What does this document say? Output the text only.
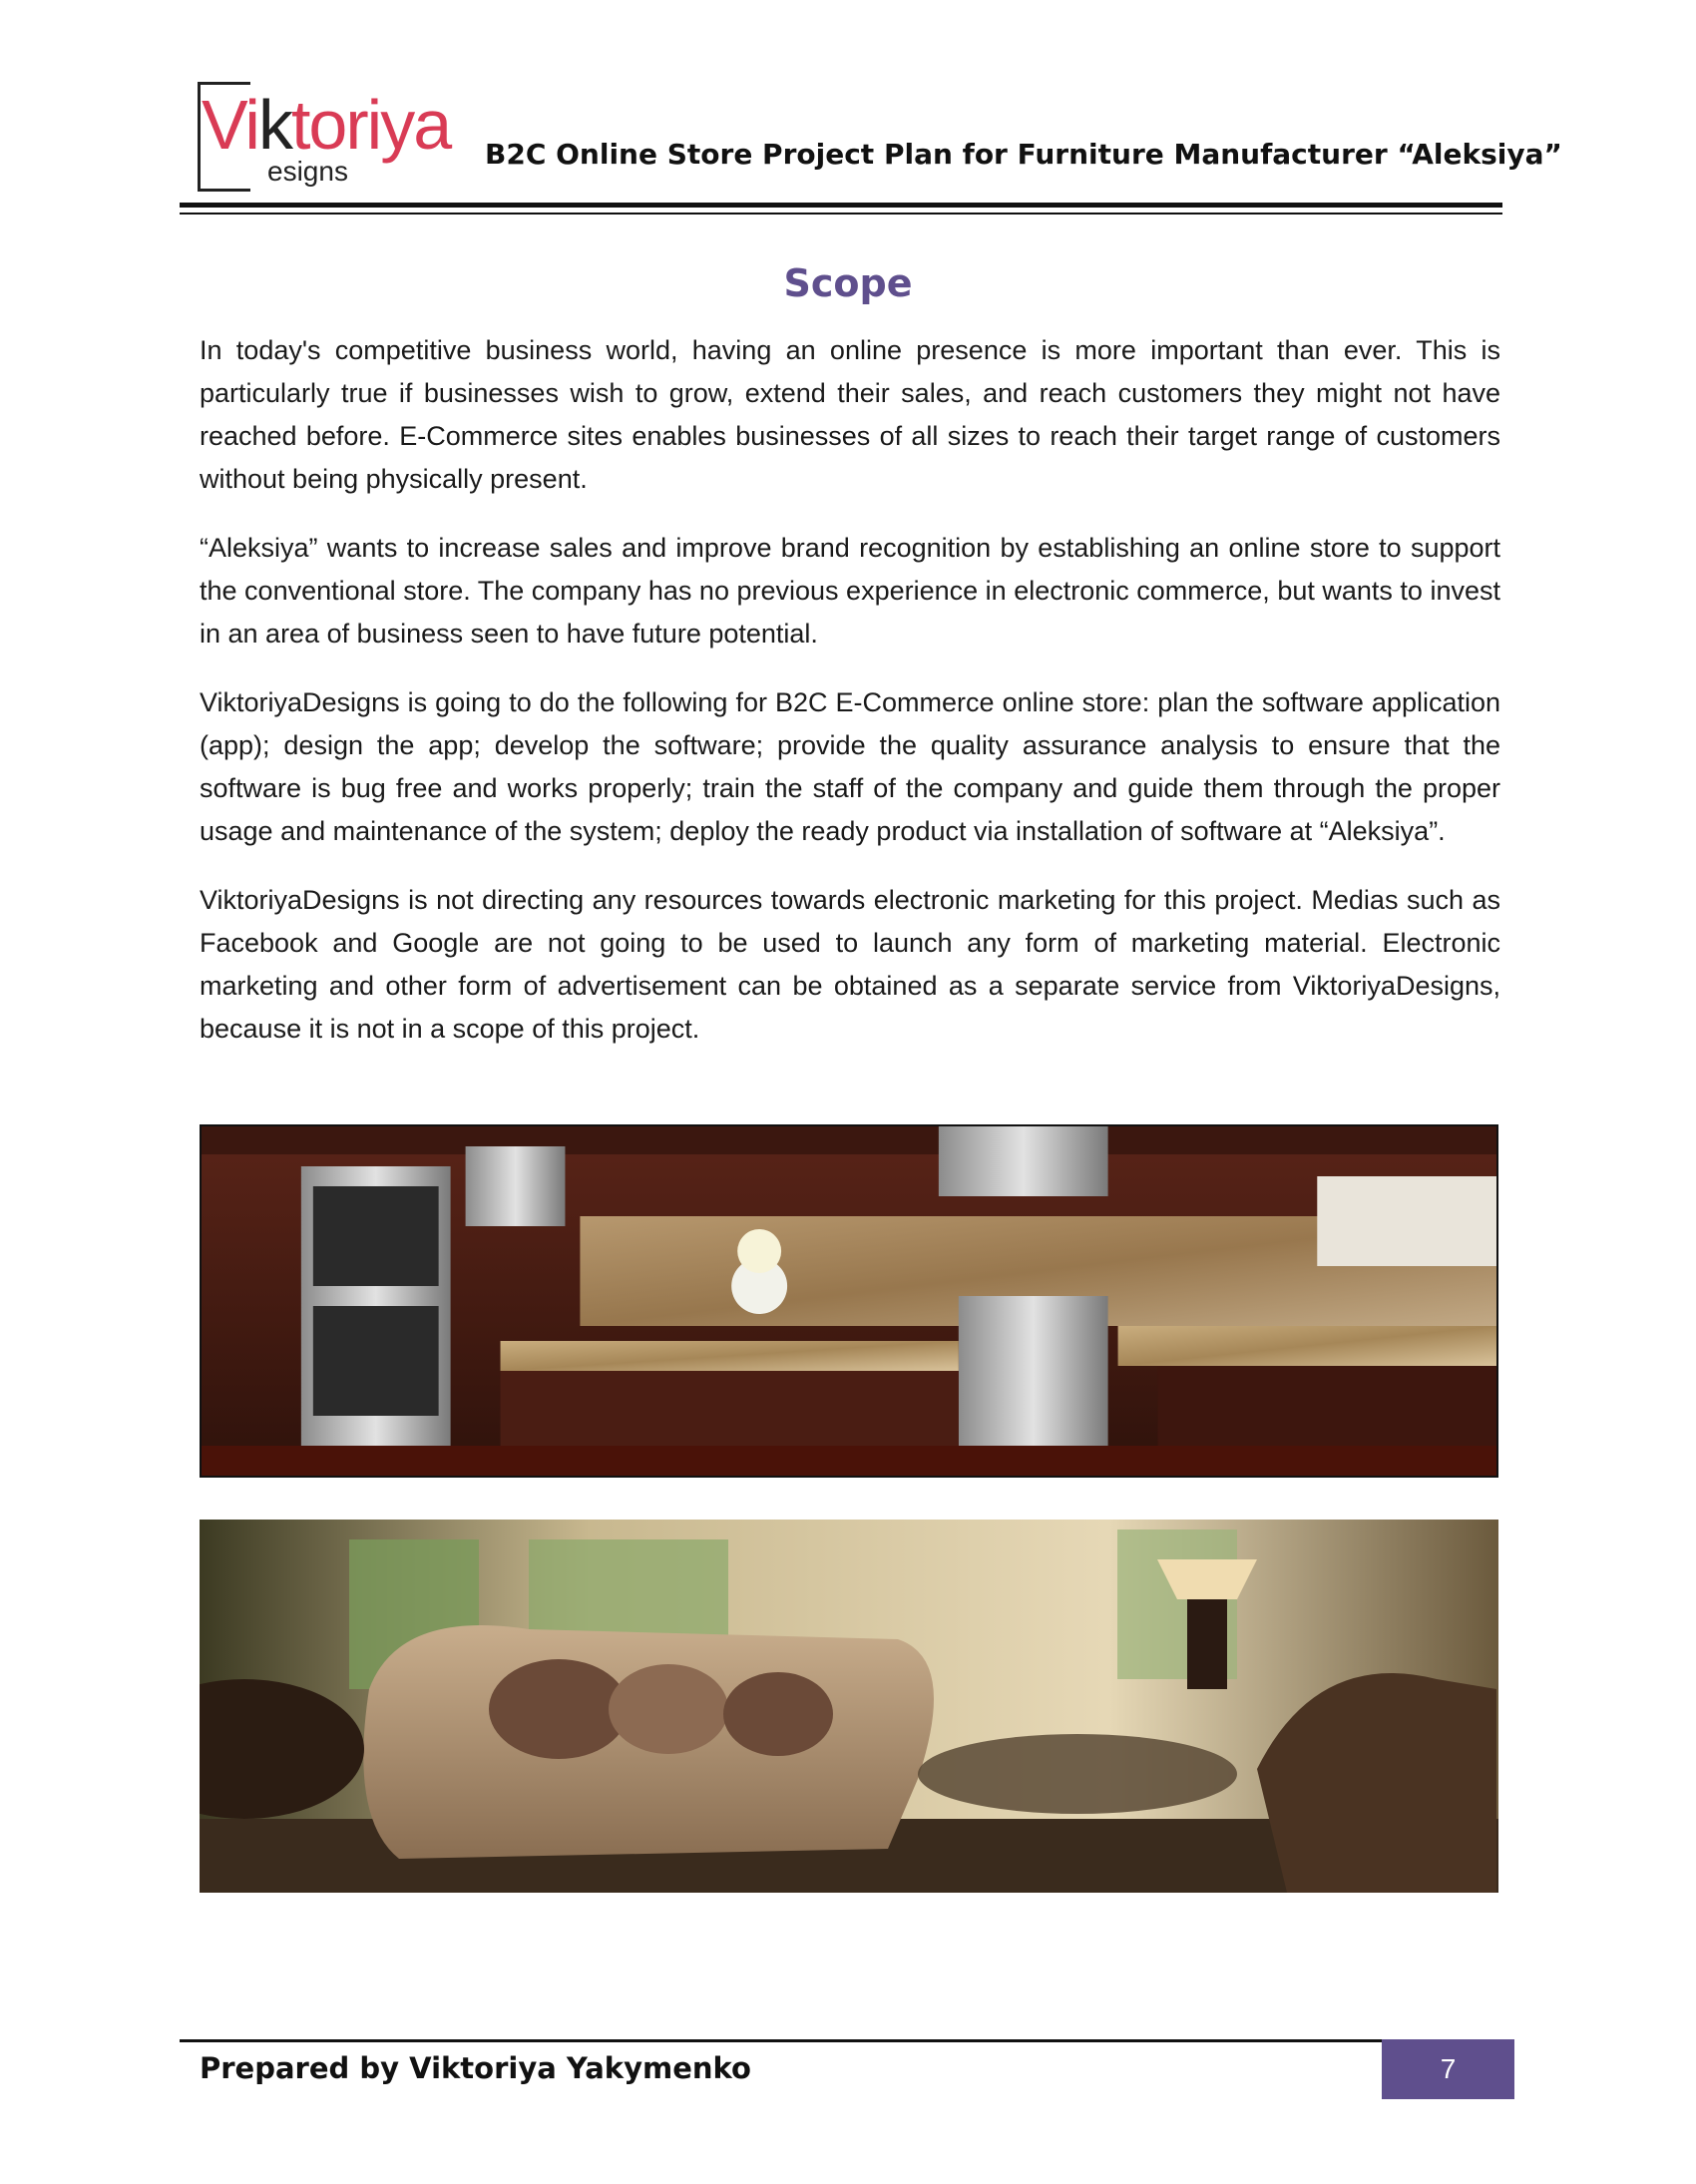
Viktoriya
esigns
B2C Online Store Project Plan for Furniture Manufacturer “Aleksiya”
Scope

In today's competitive business world, having an online presence is more important than ever. This is particularly true if businesses wish to grow, extend their sales, and reach customers they might not have reached before. E-Commerce sites enables businesses of all sizes to reach their target range of customers without being physically present.

“Aleksiya” wants to increase sales and improve brand recognition by establishing an online store to support the conventional store. The company has no previous experience in electronic commerce, but wants to invest in an area of business seen to have future potential.

ViktoriyaDesigns is going to do the following for B2C E-Commerce online store: plan the software application (app); design the app; develop the software; provide the quality assurance analysis to ensure that the software is bug free and works properly; train the staff of the company and guide them through the proper usage and maintenance of the system; deploy the ready product via installation of software at “Aleksiya”.

ViktoriyaDesigns is not directing any resources towards electronic marketing for this project. Medias such as Facebook and Google are not going to be used to launch any form of marketing material. Electronic marketing and other form of advertisement can be obtained as a separate service from ViktoriyaDesigns, because it is not in a scope of this project.

Prepared by Viktoriya Yakymenko	7
